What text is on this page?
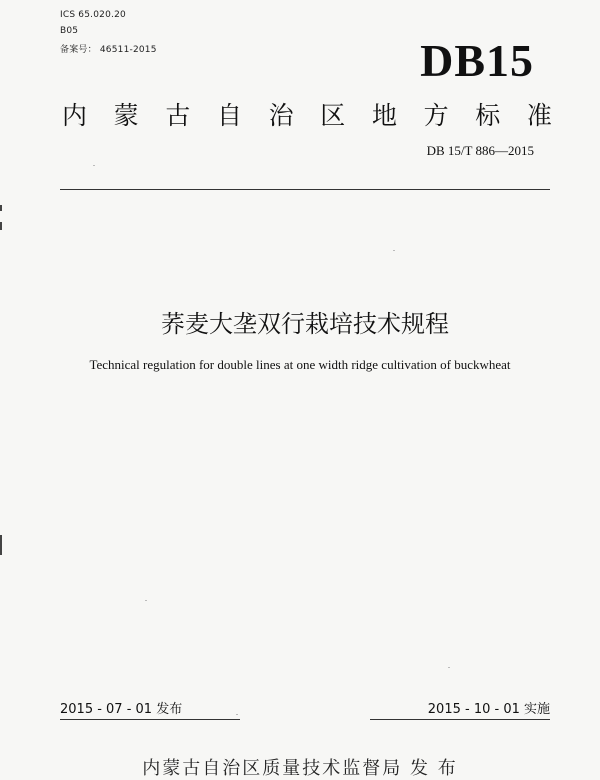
ICS 65.020.20
B05
备案号： 46511-2015	DB15
内 蒙 古 自 治 区 地 方 标 准
DB 15/T 886—2015
荞麦大垄双行栽培技术规程
Technical regulation for double lines at one width ridge cultivation of buckwheat
2015 - 07 - 01 发布	2015 - 10 - 01 实施
内蒙古自治区质量技术监督局 发 布
